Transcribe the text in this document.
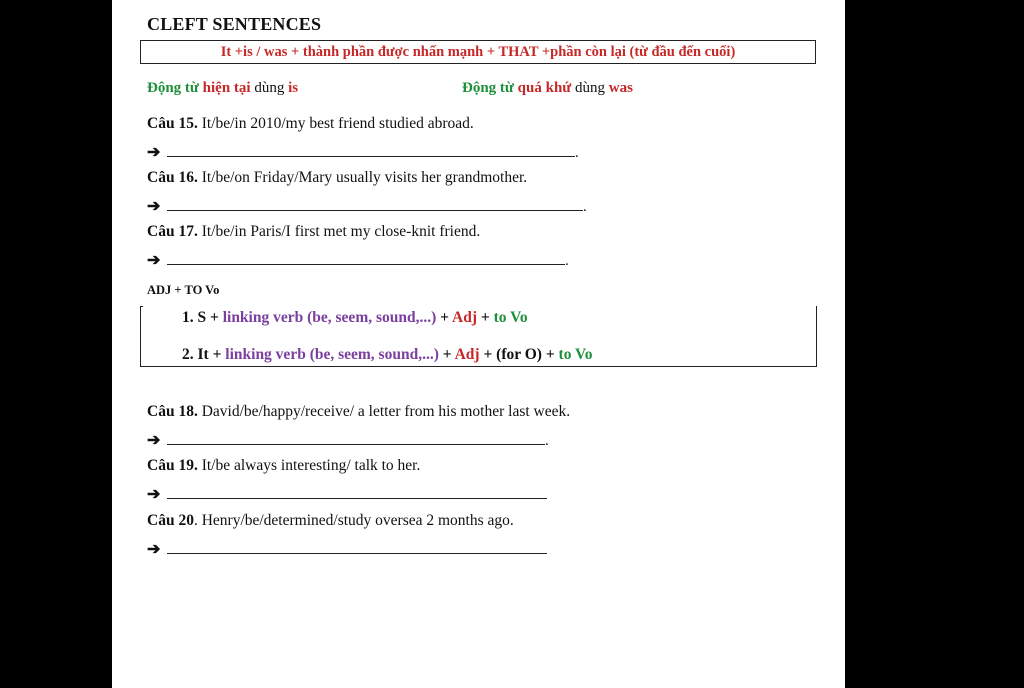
CLEFT SENTENCES
It +is / was + thành phần được nhấn mạnh + THAT +phần còn lại (từ đầu đến cuối)
Động từ hiện tại dùng is	Động từ quá khứ dùng was
Câu 15. It/be/in 2010/my best friend studied abroad.
➔	.
Câu 16. It/be/on Friday/Mary usually visits her grandmother.
➔	.
Câu 17. It/be/in Paris/I first met my close-knit friend.
➔	.
ADJ + TO Vo
1. S + linking verb (be, seem, sound,...) + Adj + to Vo
2. It + linking verb (be, seem, sound,...) + Adj + (for O) + to Vo
Câu 18. David/be/happy/receive/ a letter from his mother last week.
➔	.
Câu 19. It/be always interesting/ talk to her.
➔
Câu 20. Henry/be/determined/study oversea 2 months ago.
➔
